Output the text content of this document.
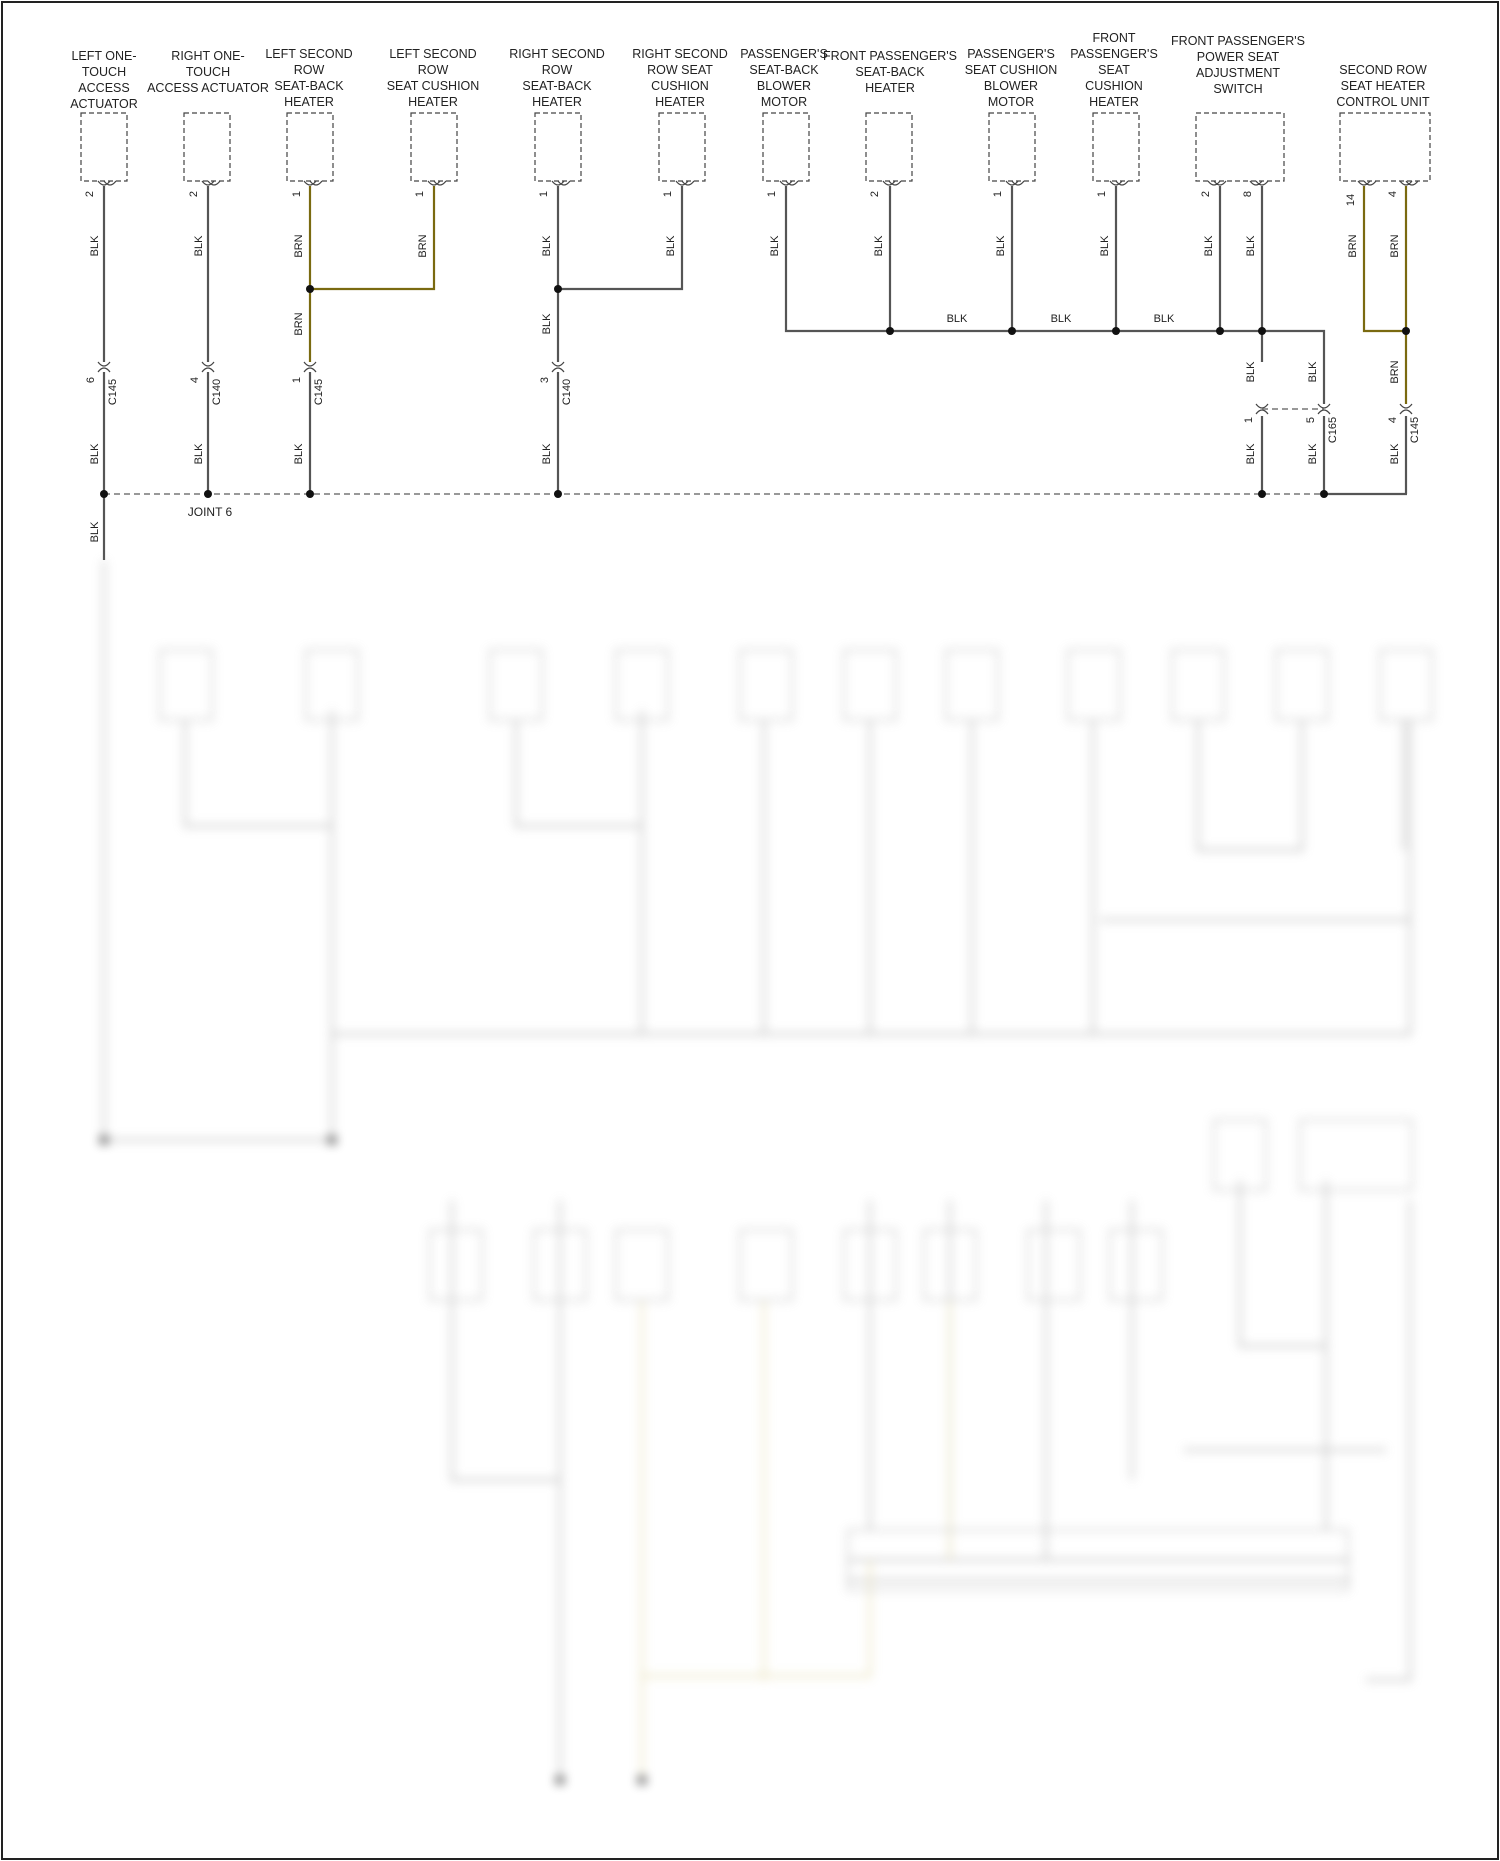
LEFT ONE-TOUCH ACCESS ACTUATOR
RIGHT ONE-TOUCH ACCESS ACTUATOR
LEFT SECOND ROW SEAT-BACK HEATER
LEFT SECOND ROW SEAT CUSHION HEATER
RIGHT SECOND ROW SEAT-BACK HEATER
RIGHT SECOND ROW SEAT CUSHION HEATER
PASSENGER'S SEAT-BACK BLOWER MOTOR
FRONT PASSENGER'S SEAT-BACK HEATER
PASSENGER'S SEAT CUSHION BLOWER MOTOR
FRONT PASSENGER'S SEAT CUSHION HEATER
FRONT PASSENGER'S POWER SEAT ADJUSTMENT SWITCH
SECOND ROW SEAT HEATER CONTROL UNIT
2	2	1	1	1	1	1	2	1	1	2	8	14	4
BLK
BLK
BLK
BLK
BLK
BRN
BRN
BLK
BRN	BLK
BLK
BLK
BLK	BLK	BLK	BLK	BLK	BLK	BLK
BLK
BLK
BLK
BLK
BRN	BRN
BRN
BLK
BLK	BLK	BLK
6 C145	4 C140	1 C145	3 C140
1	5 C165	4 C145
JOINT 6
